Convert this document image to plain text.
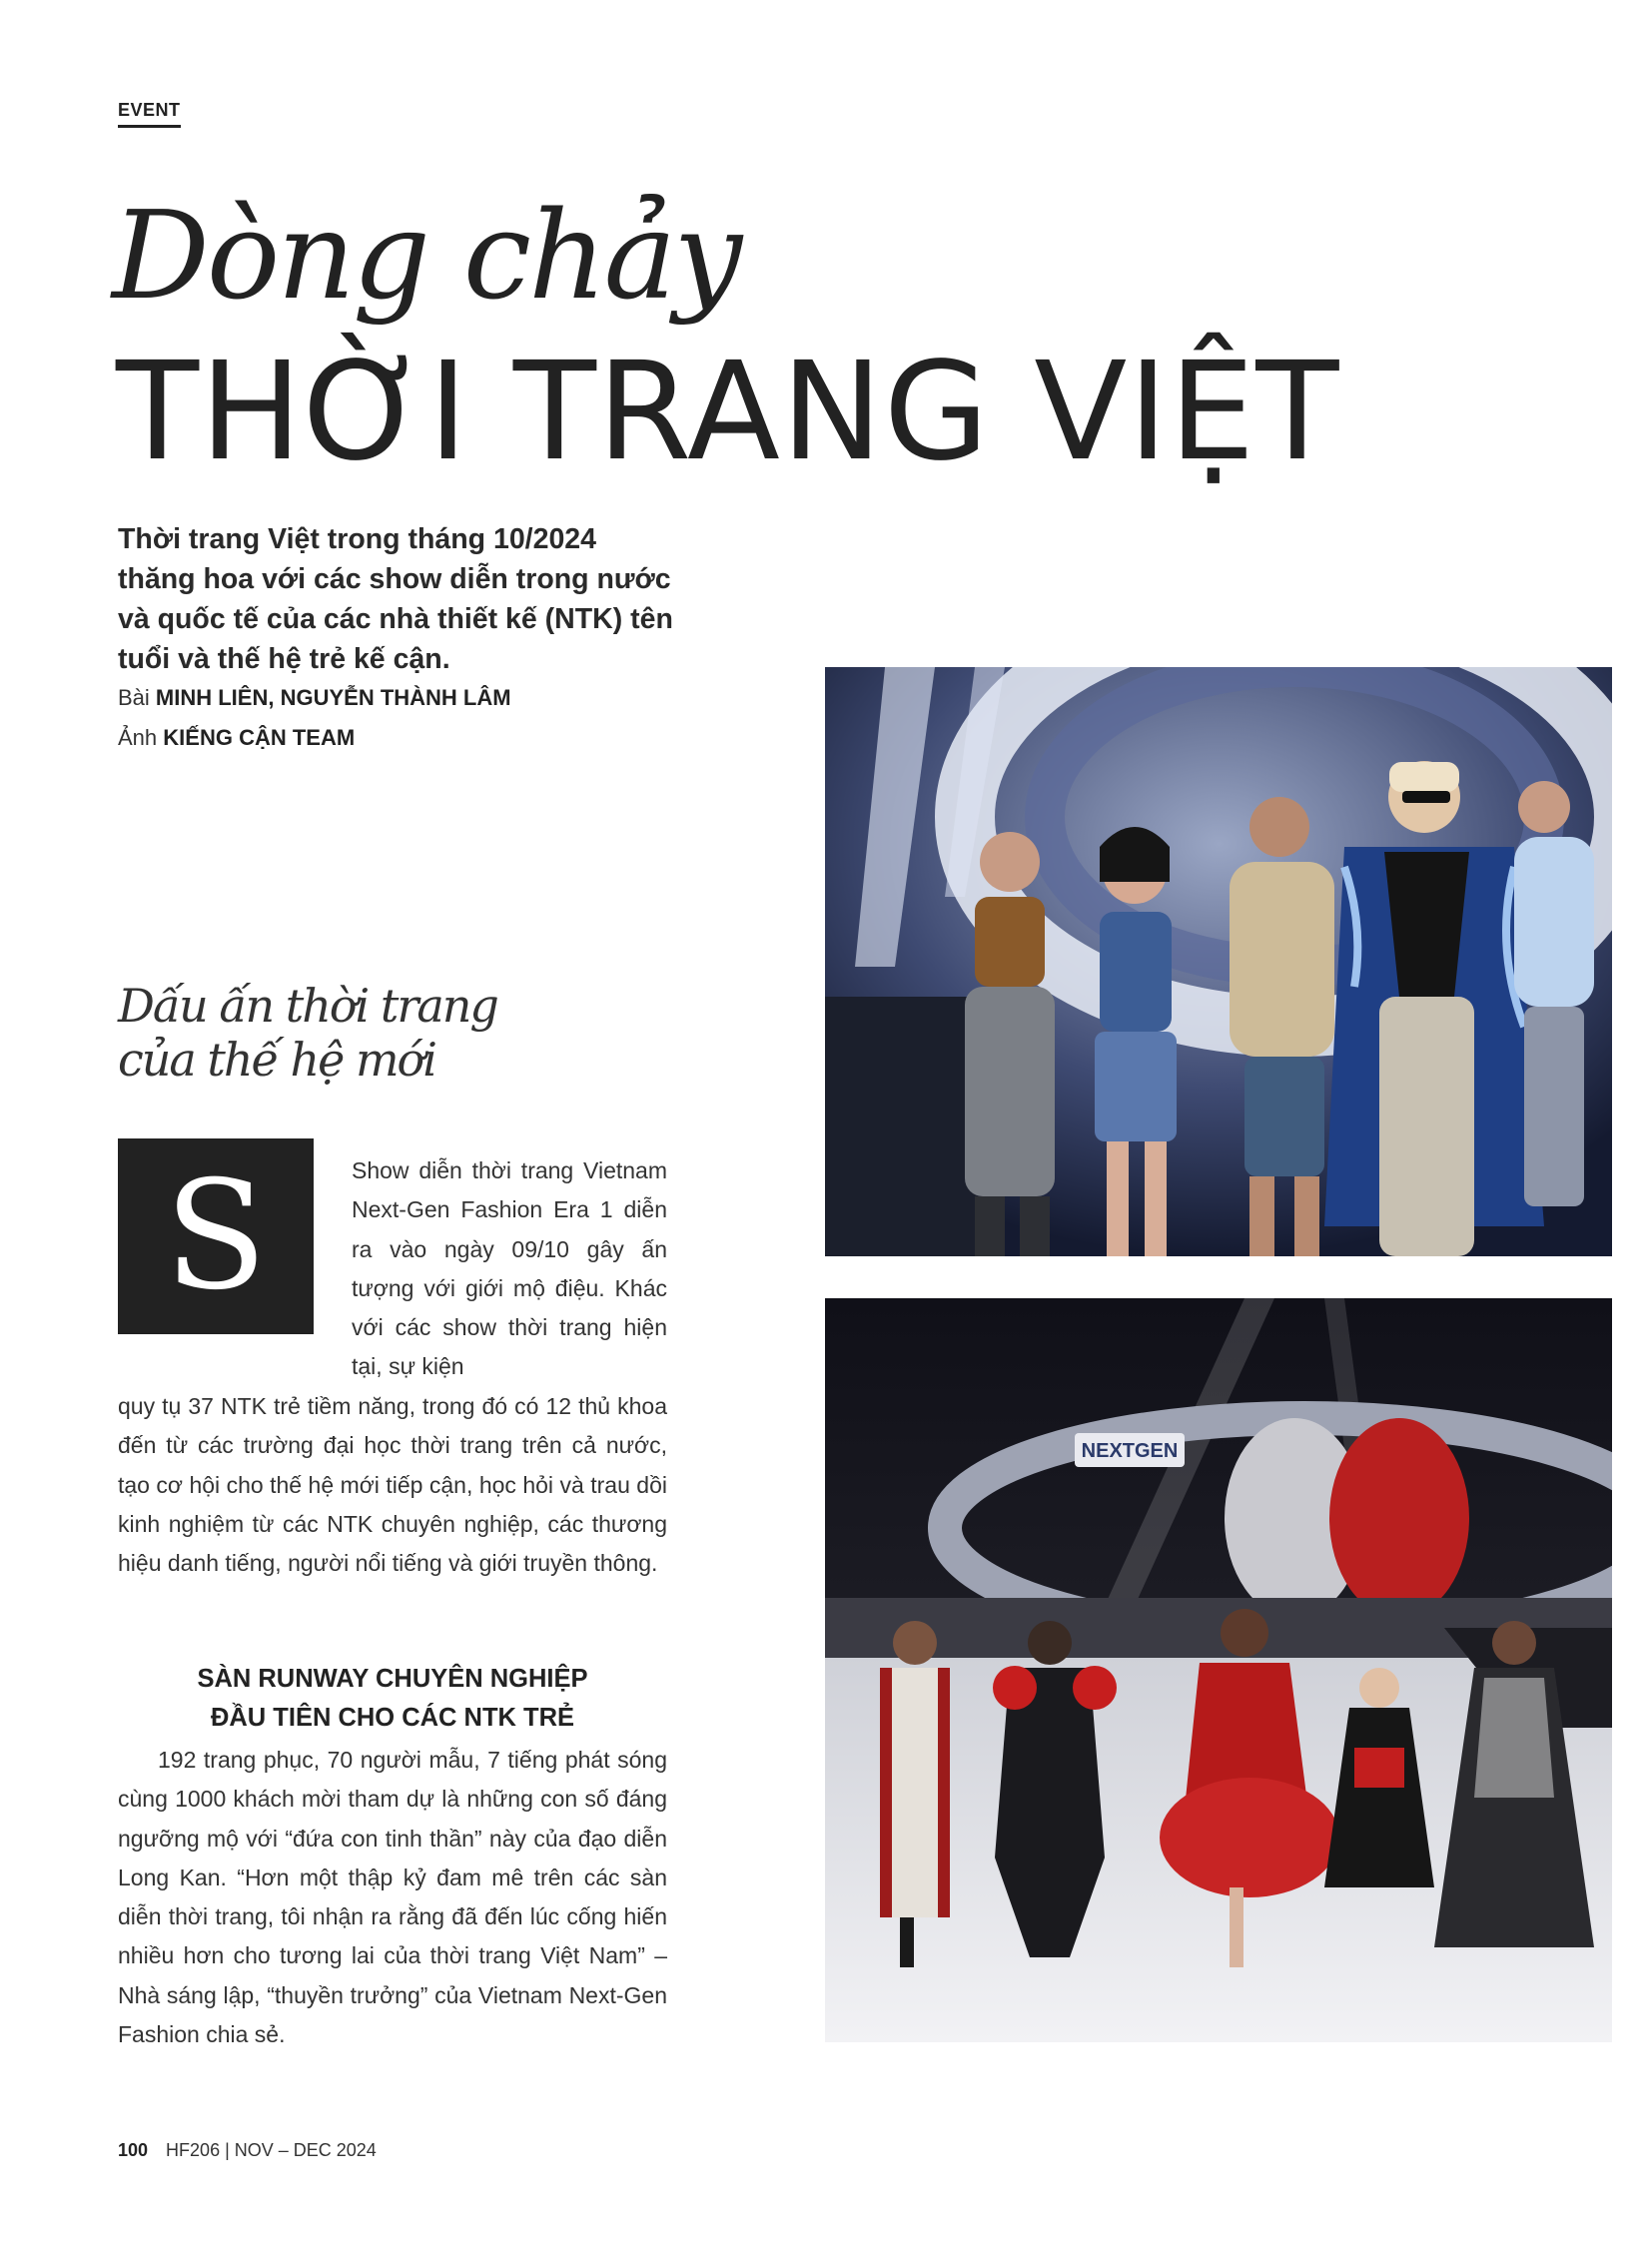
EVENT
Dòng chảy
THỜI TRANG VIỆT
Thời trang Việt trong tháng 10/2024 thăng hoa với các show diễn trong nước và quốc tế của các nhà thiết kế (NTK) tên tuổi và thế hệ trẻ kế cận.
Bài MINH LIÊN, NGUYỄN THÀNH LÂM
Ảnh KIẾNG CẬN TEAM
Dấu ấn thời trang
của thế hệ mới
S	Show diễn thời trang Vietnam Next-Gen Fashion Era 1 diễn ra vào ngày 09/10 gây ấn tượng với giới mộ điệu. Khác với các show thời trang hiện tại, sự kiện
quy tụ 37 NTK trẻ tiềm năng, trong đó có 12 thủ khoa đến từ các trường đại học thời trang trên cả nước, tạo cơ hội cho thế hệ mới tiếp cận, học hỏi và trau dồi kinh nghiệm từ các NTK chuyên nghiệp, các thương hiệu danh tiếng, người nổi tiếng và giới truyền thông.
SÀN RUNWAY CHUYÊN NGHIỆP
ĐẦU TIÊN CHO CÁC NTK TRẺ
192 trang phục, 70 người mẫu, 7 tiếng phát sóng cùng 1000 khách mời tham dự là những con số đáng ngưỡng mộ với “đứa con tinh thần” này của đạo diễn Long Kan. “Hơn một thập kỷ đam mê trên các sàn diễn thời trang, tôi nhận ra rằng đã đến lúc cống hiến nhiều hơn cho tương lai của thời trang Việt Nam” – Nhà sáng lập, “thuyền trưởng” của Vietnam Next-Gen Fashion chia sẻ.
NEXTGEN
100 HF206 | NOV – DEC 2024
